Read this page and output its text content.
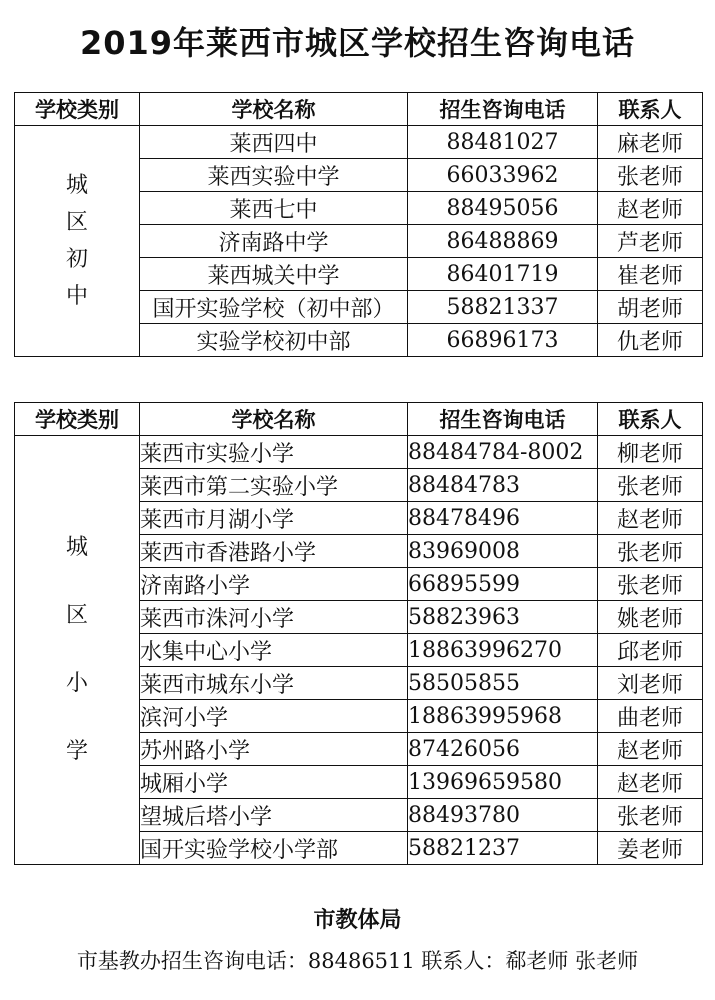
2019年莱西市城区学校招生咨询电话
学校类别	学校名称	招生咨询电话	联系人

城
区
初
中	莱西四中	88481027	麻老师
	莱西实验中学	66033962	张老师
	莱西七中	88495056	赵老师
	济南路中学	86488869	芦老师
	莱西城关中学	86401719	崔老师
	国开实验学校（初中部）	58821337	胡老师
	实验学校初中部	66896173	仇老师
学校类别	学校名称	招生咨询电话	联系人

城
区
小
学	莱西市实验小学	88484784-8002	柳老师
	莱西市第二实验小学	88484783	张老师
	莱西市月湖小学	88478496	赵老师
	莱西市香港路小学	83969008	张老师
	济南路小学	66895599	张老师
	莱西市洙河小学	58823963	姚老师
	水集中心小学	18863996270	邱老师
	莱西市城东小学	58505855	刘老师
	滨河小学	18863995968	曲老师
	苏州路小学	87426056	赵老师
	城厢小学	13969659580	赵老师
	望城后塔小学	88493780	张老师
	国开实验学校小学部	58821237	姜老师
市教体局
市基教办招生咨询电话：88486511 联系人：郗老师 张老师
